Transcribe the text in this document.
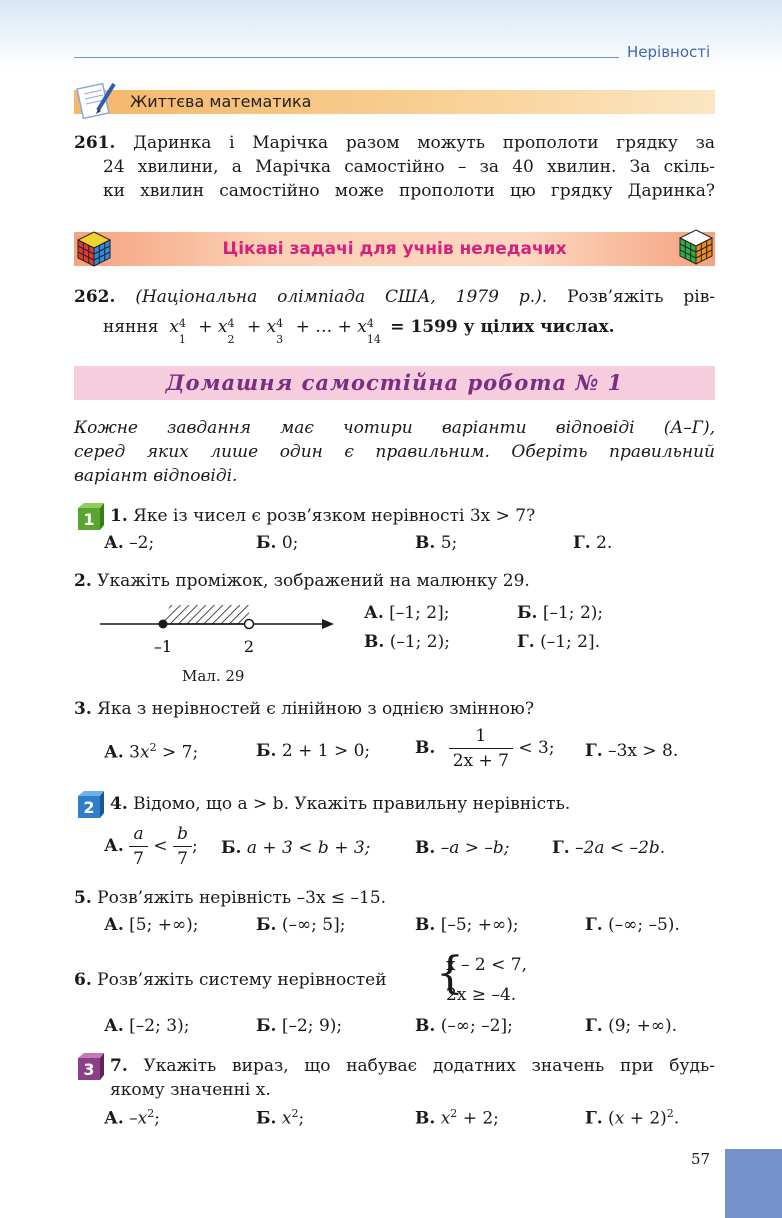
Нерівності
Життєва математика
261. Даринка і Марічка разом можуть прополоти грядку за
24 хвилини, а Марічка самостійно – за 40 хвилин. За скіль-
ки хвилин самостійно може прополоти цю грядку Даринка?
Цікаві задачі для учнів неледачих
262. (Національна олімпіада США, 1979 р.). Розв’яжіть рів-
няння x 4
1
+ x 4
2
+ x 4
3
+ … + x 4
14
= 1599 у цілих числах.
Домашня самостійна робота № 1
Кожне завдання має чотири варіанти відповіді (А–Г),
серед яких лише один є правильним. Оберіть правильний
варіант відповіді.
1 1. Яке із чисел є розв’язком нерівності 3x > 7?
А. –2;	Б. 0;	В. 5;	Г. 2.
2. Укажіть проміжок, зображений на малюнку 29.
–1	2
Мал. 29
А. [–1; 2];	Б. [–1; 2);
В. (–1; 2);	Г. (–1; 2].
3. Яка з нерівностей є лінійною з однією змінною?
А. $3x^2 > 7$;	Б. 2 + 1 > 0;	В. $\frac{1}{2x + 7} < 3$; Г. –3x > 8.
2 4. Відомо, що a > b. Укажіть правильну нерівність.
А. $\frac{a}{7} < \frac{b}{7}$ ; Б. a + 3 < b + 3;	В. –a > –b;	Г. –2a < –2b.
5. Розв’яжіть нерівність –3x ≤ –15.
А. [5; +∞);	Б. (–∞; 5];	В. [–5; +∞);	Г. (–∞; –5).
6. Розв’яжіть систему нерівностей {
x – 2 < 7,
2x ≥ –4.
А. [–2; 3);	Б. [–2; 9);	В. (–∞; –2];	Г. (9; +∞).
3 7. Укажіть вираз, що набуває додатних значень при будь-
якому значенні x.
А. $-x^2$;	Б. $x^2$;	В. $x^2 + 2$;	Г. $(x + 2)^2$.
57
